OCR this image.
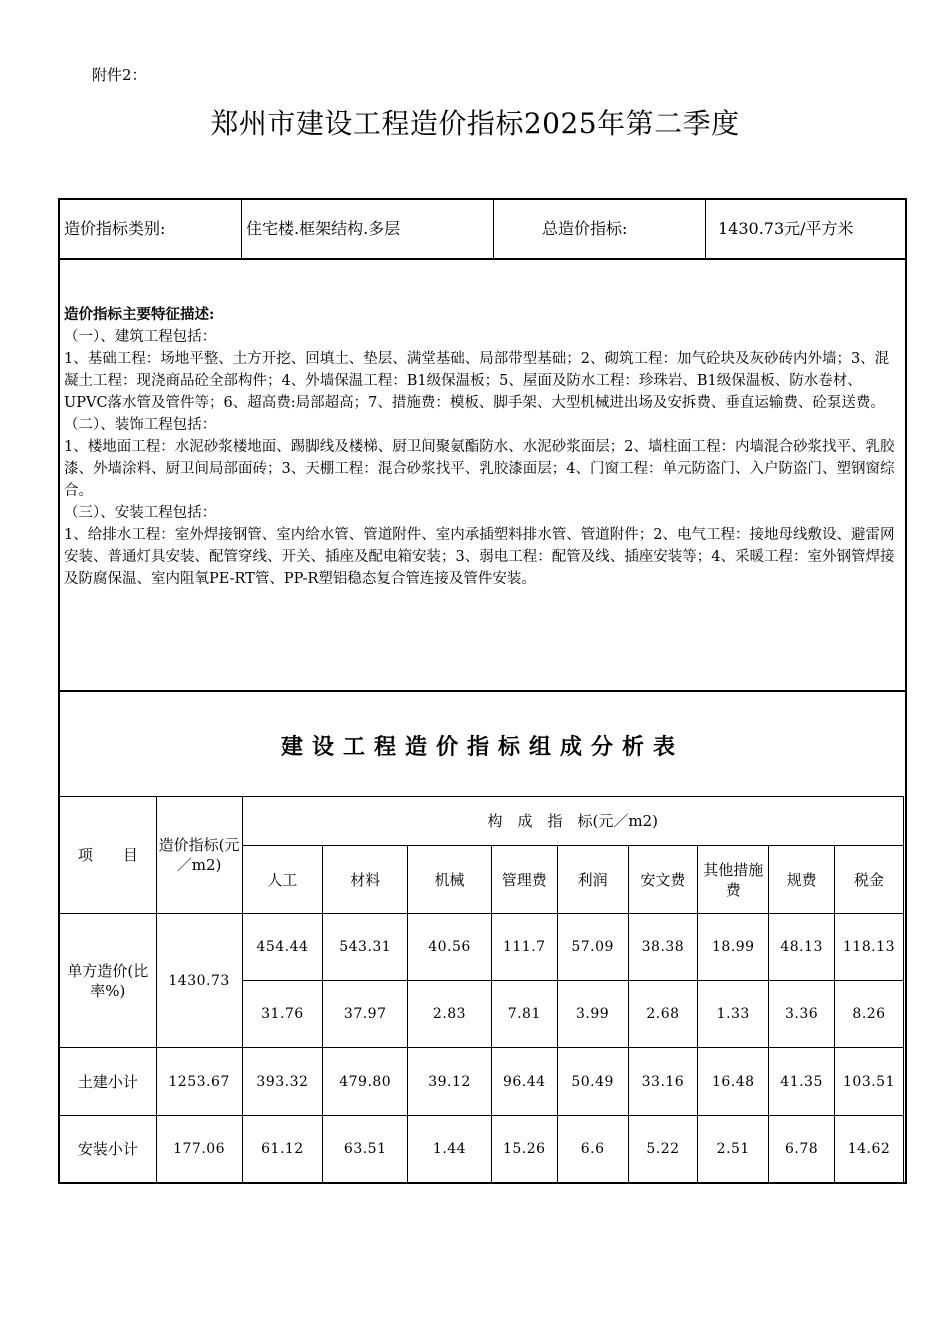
附件2：
郑州市建设工程造价指标2025年第二季度
造价指标类别:	住宅楼.框架结构.多层	总造价指标:	1430.73元/平方米

造价指标主要特征描述:

（一）、建筑工程包括：

1、基础工程：场地平整、土方开挖、回填土、垫层、满堂基础、局部带型基础；2、砌筑工程：加气砼块及灰砂砖内外墙；3、混凝土工程：现浇商品砼全部构件；4、外墙保温工程：B1级保温板；5、屋面及防水工程：珍珠岩、B1级保温板、防水卷材、UPVC落水管及管件等；6、超高费:局部超高；7、措施费：模板、脚手架、大型机械进出场及安拆费、垂直运输费、砼泵送费。

（二）、装饰工程包括：

1、楼地面工程：水泥砂浆楼地面、踢脚线及楼梯、厨卫间聚氨酯防水、水泥砂浆面层；2、墙柱面工程：内墙混合砂浆找平、乳胶漆、外墙涂料、厨卫间局部面砖；3、天棚工程：混合砂浆找平、乳胶漆面层；4、门窗工程：单元防盗门、入户防盗门、塑钢窗综合。

（三）、安装工程包括：

1、给排水工程：室外焊接钢管、室内给水管、管道附件、室内承插塑料排水管、管道附件；2、电气工程：接地母线敷设、避雷网安装、普通灯具安装、配管穿线、开关、插座及配电箱安装；3、弱电工程：配管及线、插座安装等；4、采暖工程：室外钢管焊接及防腐保温、室内阻氧PE-RT管、PP-R塑铝稳态复合管连接及管件安装。

建设工程造价指标组成分析表
项　　目	造价指标(元／m2)	构　成　指　标(元／m2)								
		人工	材料	机械	管理费	利润	安文费	其他措施费	规费	税金
单方造价(比率%)	1430.73	454.44	543.31	40.56	111.7	57.09	38.38	18.99	48.13	118.13
		31.76	37.97	2.83	7.81	3.99	2.68	1.33	3.36	8.26
土建小计	1253.67	393.32	479.80	39.12	96.44	50.49	33.16	16.48	41.35	103.51
安装小计	177.06	61.12	63.51	1.44	15.26	6.6	5.22	2.51	6.78	14.62
